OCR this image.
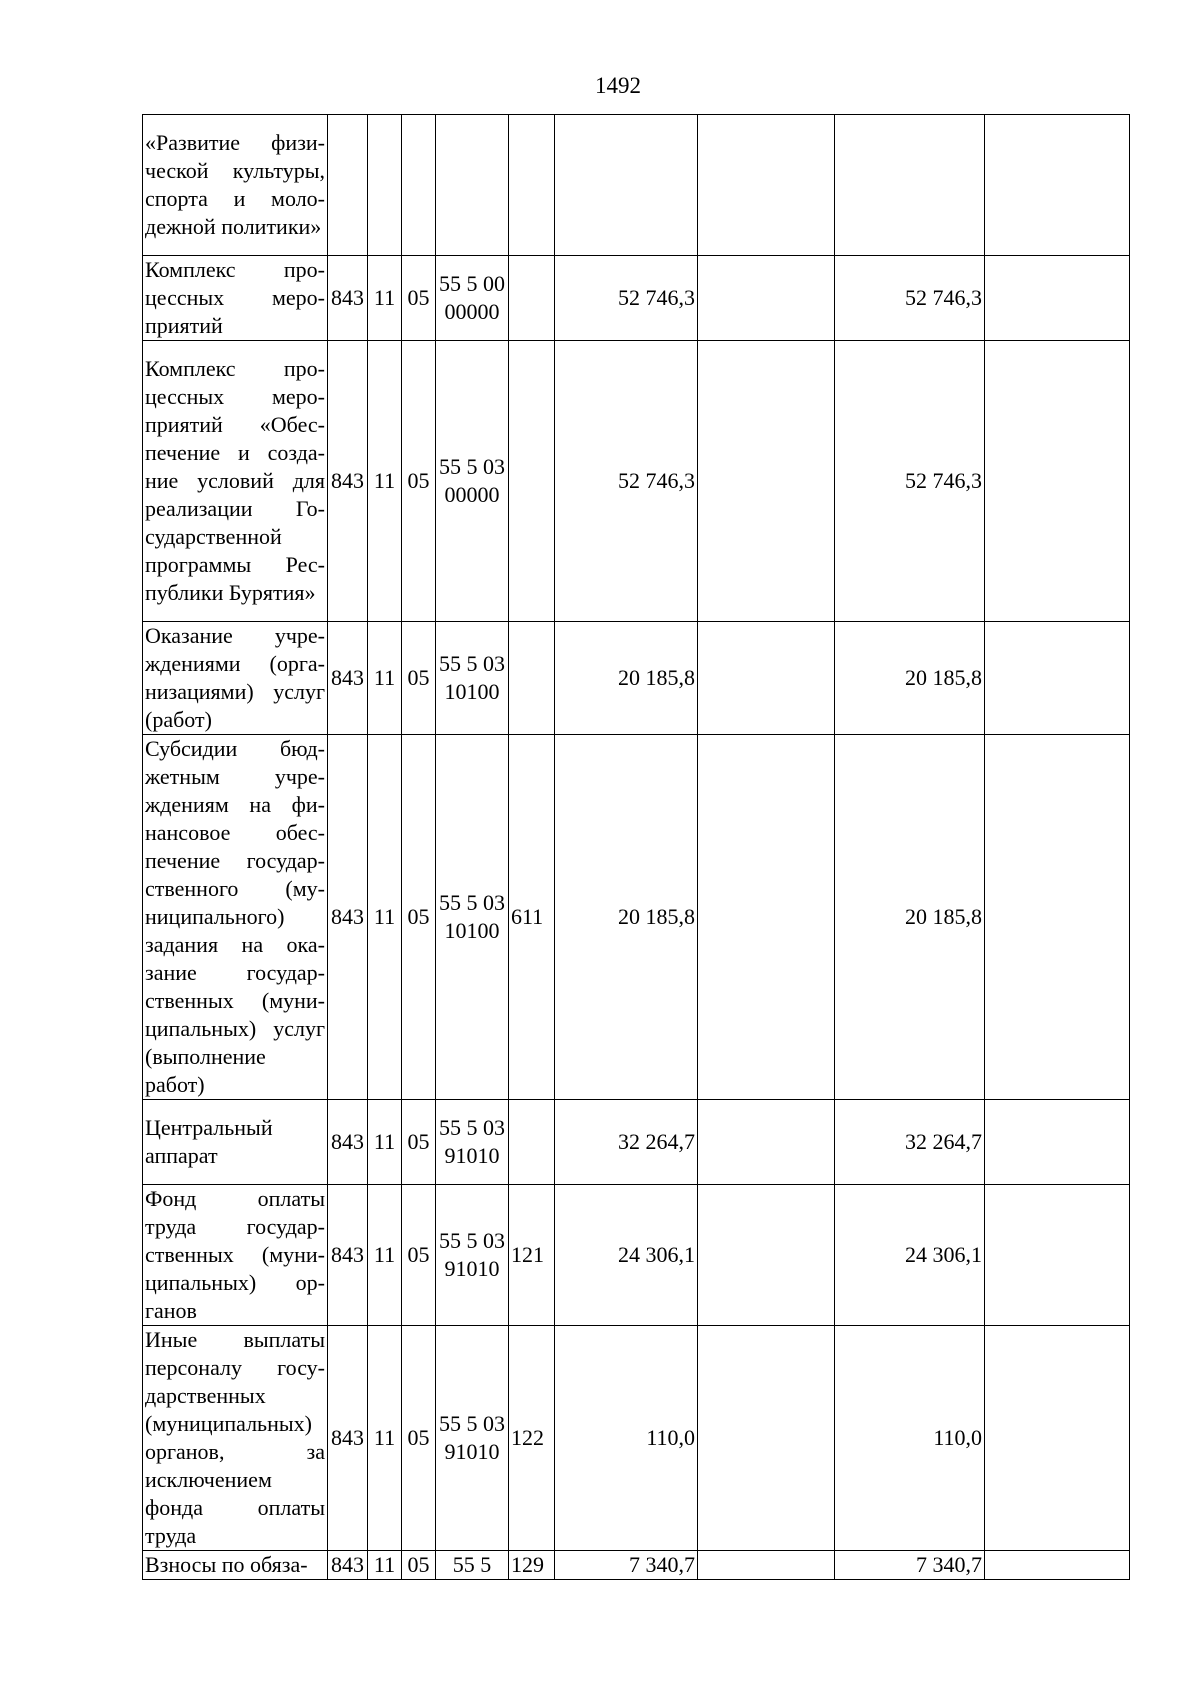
1492
«Развитие физической культуры, спорта и молодежной политики»									
Комплекс процессных мероприятий	843	11	05	55 5 00 00000		52 746,3		52 746,3	
Комплекс процессных мероприятий «Обеспечение и создание условий для реализации Государственной программы Республики Бурятия»	843	11	05	55 5 03 00000		52 746,3		52 746,3	
Оказание учреждениями (организациями) услуг (работ)	843	11	05	55 5 03 10100		20 185,8		20 185,8	
Субсидии бюджетным учреждениям на финансовое обеспечение государственного (муниципального) задания на оказание государственных (муниципальных) услуг (выполнение работ)	843	11	05	55 5 03 10100	611	20 185,8		20 185,8	
Центральный аппарат	843	11	05	55 5 03 91010		32 264,7		32 264,7	
Фонд оплаты труда государственных (муниципальных) органов	843	11	05	55 5 03 91010	121	24 306,1		24 306,1	
Иные выплаты персоналу государственных (муниципальных) органов, за исключением фонда оплаты труда	843	11	05	55 5 03 91010	122	110,0		110,0	
Взносы по обяза-	843	11	05	55 5	129	7 340,7		7 340,7	
